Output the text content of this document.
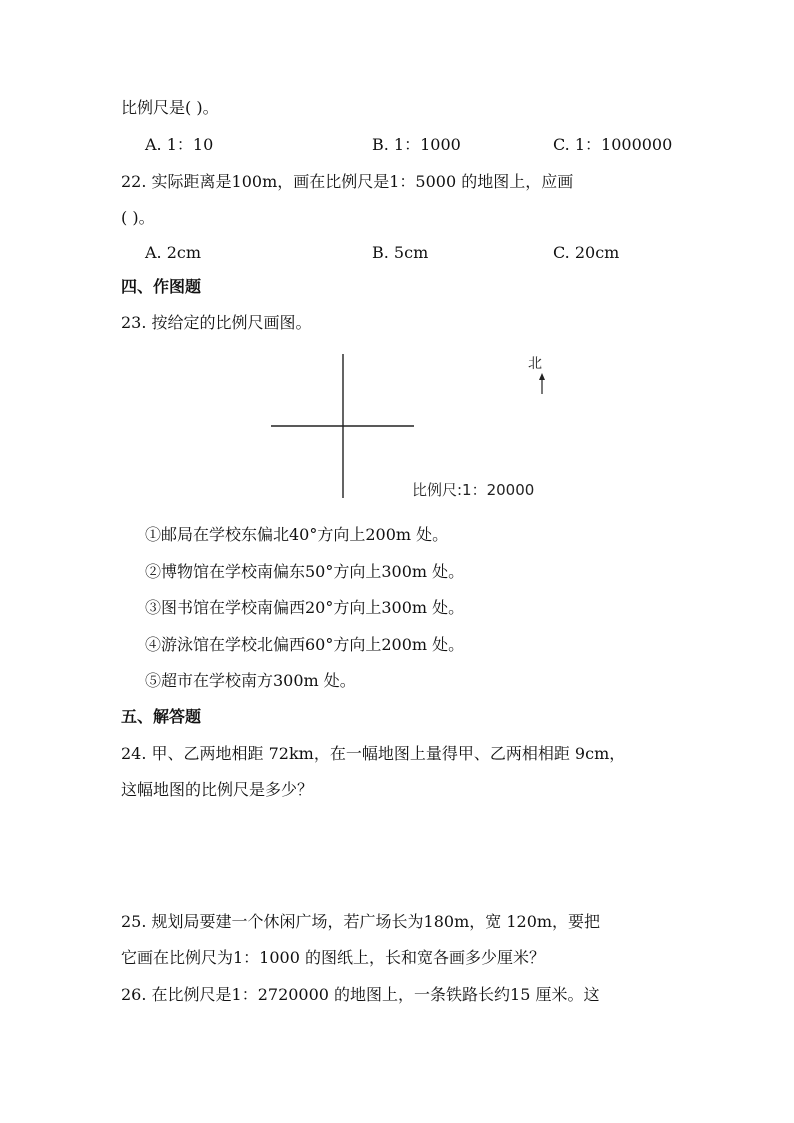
比例尺是( )。
A. 1：10	B. 1：1000	C. 1：1000000
22. 实际距离是100m，画在比例尺是1：5000 的地图上，应画
( )。
A. 2cm	B. 5cm	C. 20cm
四、作图题
23. 按给定的比例尺画图。
北
比例尺:1：20000
①邮局在学校东偏北40°方向上200m 处。
②博物馆在学校南偏东50°方向上300m 处。
③图书馆在学校南偏西20°方向上300m 处。
④游泳馆在学校北偏西60°方向上200m 处。
⑤超市在学校南方300m 处。
五、解答题
24. 甲、乙两地相距 72km，在一幅地图上量得甲、乙两相相距 9cm，
这幅地图的比例尺是多少？
25. 规划局要建一个休闲广场，若广场长为180m，宽 120m，要把
它画在比例尺为1：1000 的图纸上，长和宽各画多少厘米？
26. 在比例尺是1：2720000 的地图上，一条铁路长约15 厘米。这
